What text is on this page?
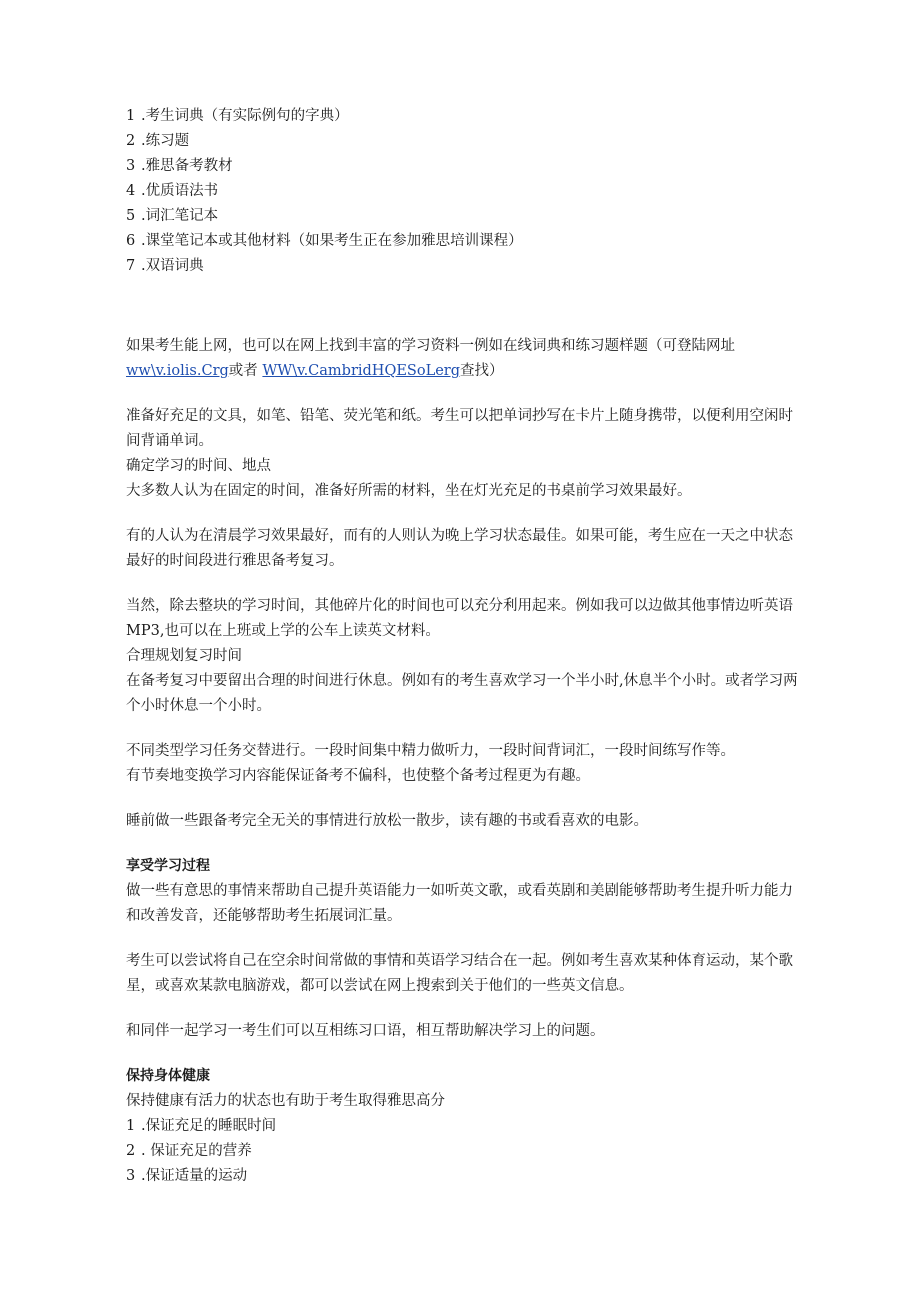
1 .考生词典（有实际例句的字典）
2 .练习题
3 .雅思备考教材
4 .优质语法书
5 .词汇笔记本
6 .课堂笔记本或其他材料（如果考生正在参加雅思培训课程）
7 .双语词典
如果考生能上网，也可以在网上找到丰富的学习资料一例如在线词典和练习题样题（可登陆网址
ww\v.iolis.Crg或者 WW\v.CambridHQESoLerg查找）
准备好充足的文具，如笔、铅笔、荧光笔和纸。考生可以把单词抄写在卡片上随身携带，以便利用空闲时间背诵单词。
确定学习的时间、地点
大多数人认为在固定的时间，准备好所需的材料，坐在灯光充足的书桌前学习效果最好。
有的人认为在清晨学习效果最好，而有的人则认为晚上学习状态最佳。如果可能，考生应在一天之中状态最好的时间段进行雅思备考复习。
当然，除去整块的学习时间，其他碎片化的时间也可以充分利用起来。例如我可以边做其他事情边听英语MP3,也可以在上班或上学的公车上读英文材料。
合理规划复习时间
在备考复习中要留出合理的时间进行休息。例如有的考生喜欢学习一个半小时,休息半个小时。或者学习两个小时休息一个小时。
不同类型学习任务交替进行。一段时间集中精力做听力，一段时间背词汇，一段时间练写作等。
有节奏地变换学习内容能保证备考不偏科，也使整个备考过程更为有趣。
睡前做一些跟备考完全无关的事情进行放松一散步，读有趣的书或看喜欢的电影。
享受学习过程
做一些有意思的事情来帮助自己提升英语能力一如听英文歌，或看英剧和美剧能够帮助考生提升听力能力和改善发音，还能够帮助考生拓展词汇量。
考生可以尝试将自己在空余时间常做的事情和英语学习结合在一起。例如考生喜欢某种体育运动，某个歌星，或喜欢某款电脑游戏，都可以尝试在网上搜索到关于他们的一些英文信息。
和同伴一起学习一考生们可以互相练习口语，相互帮助解决学习上的问题。
保持身体健康
保持健康有活力的状态也有助于考生取得雅思高分
1 .保证充足的睡眠时间
2 . 保证充足的营养
3 .保证适量的运动
